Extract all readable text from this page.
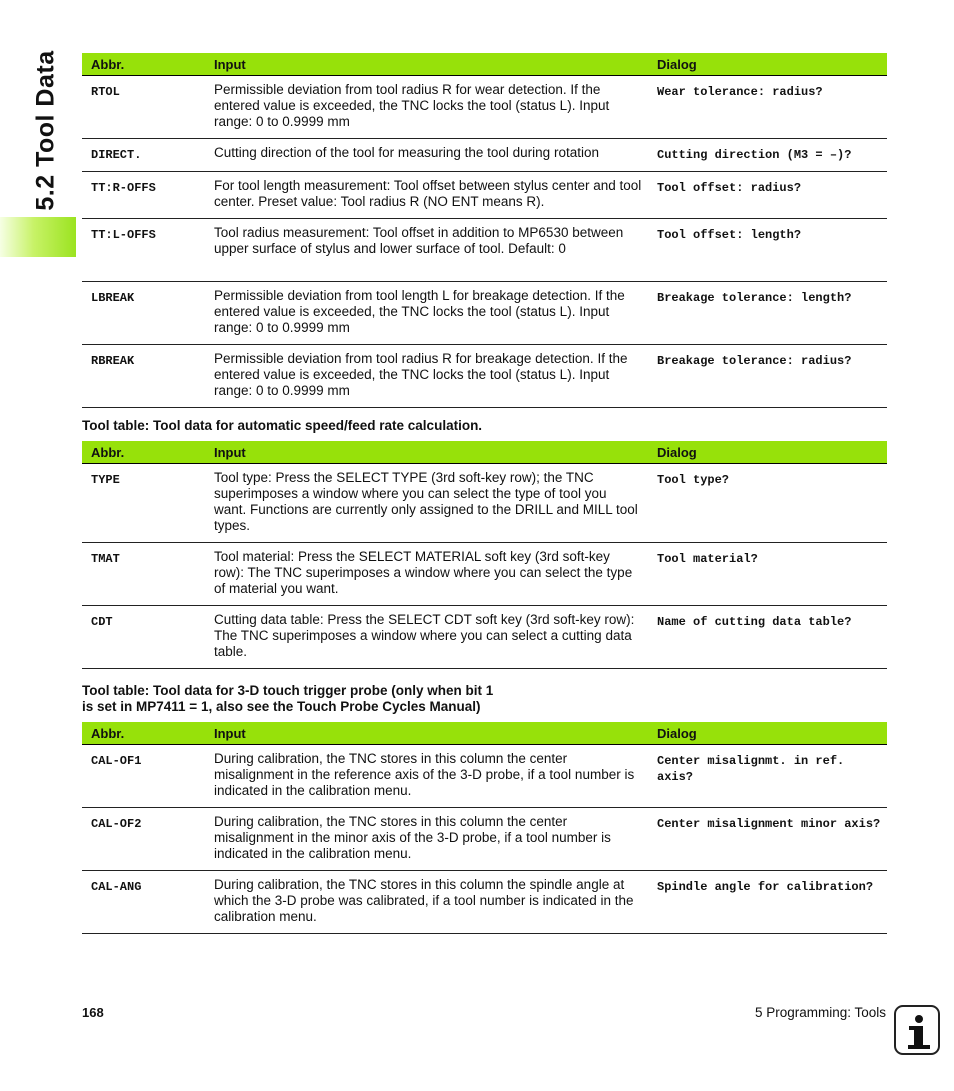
5.2 Tool Data Abbr.	Input	Dialog
RTOL	Permissible deviation from tool radius R for wear detection. If the entered value is exceeded, the TNC locks the tool (status L). Input range: 0 to 0.9999 mm	Wear tolerance: radius?
DIRECT.	Cutting direction of the tool for measuring the tool during rotation	Cutting direction (M3 = –)?
TT:R-OFFS	For tool length measurement: Tool offset between stylus center and tool center. Preset value: Tool radius R (NO ENT means R).	Tool offset: radius?
TT:L-OFFS	Tool radius measurement: Tool offset in addition to MP6530 between upper surface of stylus and lower surface of tool. Default: 0	Tool offset: length?
LBREAK	Permissible deviation from tool length L for breakage detection. If the entered value is exceeded, the TNC locks the tool (status L). Input range: 0 to 0.9999 mm	Breakage tolerance: length?
RBREAK	Permissible deviation from tool radius R for breakage detection. If the entered value is exceeded, the TNC locks the tool (status L). Input range: 0 to 0.9999 mm	Breakage tolerance: radius?
Tool table: Tool data for automatic speed/feed rate calculation.
Abbr.	Input	Dialog
TYPE	Tool type: Press the SELECT TYPE (3rd soft-key row); the TNC superimposes a window where you can select the type of tool you want. Functions are currently only assigned to the DRILL and MILL tool types.	Tool type?
TMAT	Tool material: Press the SELECT MATERIAL soft key (3rd soft-key row): The TNC superimposes a window where you can select the type of material you want.	Tool material?
CDT	Cutting data table: Press the SELECT CDT soft key (3rd soft-key row): The TNC superimposes a window where you can select a cutting data table.	Name of cutting data table?
Tool table: Tool data for 3-D touch trigger probe (only when bit 1
is set in MP7411 = 1, also see the Touch Probe Cycles Manual)
Abbr.	Input	Dialog
CAL-OF1	During calibration, the TNC stores in this column the center misalignment in the reference axis of the 3-D probe, if a tool number is indicated in the calibration menu.	Center misalignmt. in ref. axis?
CAL-OF2	During calibration, the TNC stores in this column the center misalignment in the minor axis of the 3-D probe, if a tool number is indicated in the calibration menu.	Center misalignment minor axis?
CAL-ANG	During calibration, the TNC stores in this column the spindle angle at which the 3-D probe was calibrated, if a tool number is indicated in the calibration menu.	Spindle angle for calibration?
168	5 Programming: Tools
